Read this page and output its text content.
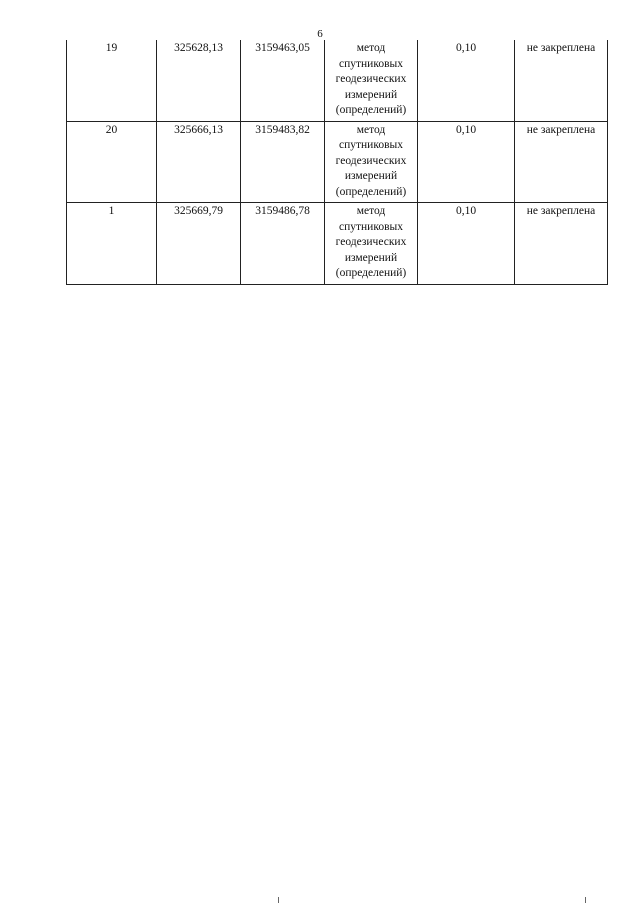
6
19	325628,13	3159463,05	метод спутниковых геодезических измерений (определений)	0,10	не закреплена
20	325666,13	3159483,82	метод спутниковых геодезических измерений (определений)	0,10	не закреплена
1	325669,79	3159486,78	метод спутниковых геодезических измерений (определений)	0,10	не закреплена
